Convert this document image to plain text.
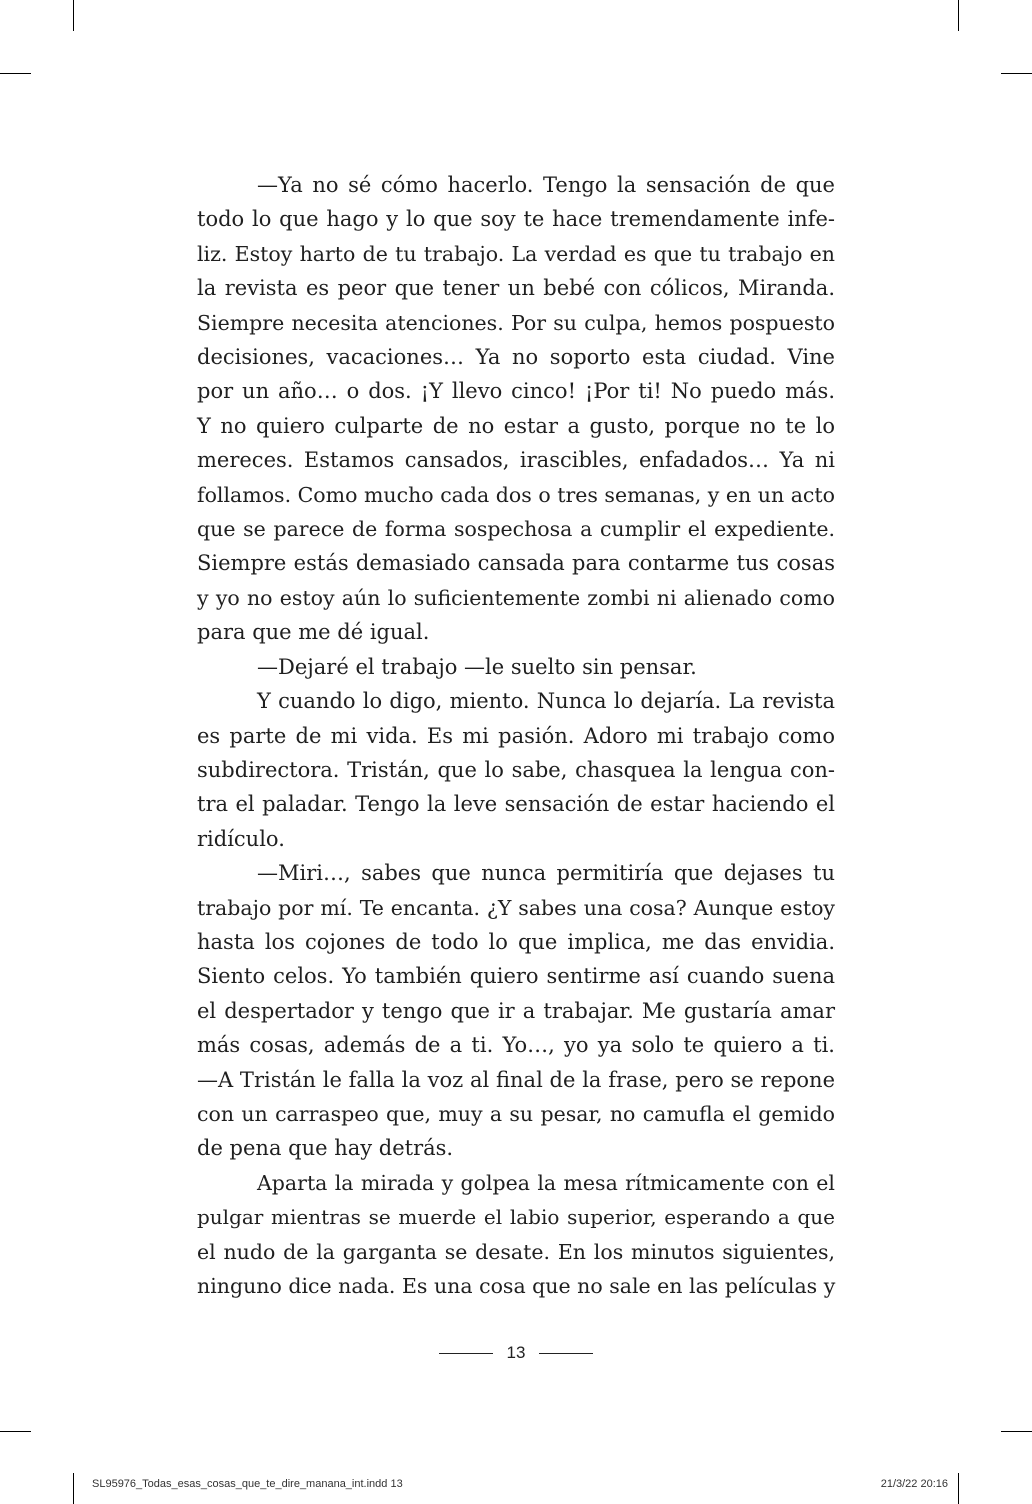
—Ya no sé cómo hacerlo. Tengo la sensación de que
todo lo que hago y lo que soy te hace tremendamente infe-
liz. Estoy harto de tu trabajo. La verdad es que tu trabajo en
la revista es peor que tener un bebé con cólicos, Miranda.
Siempre necesita atenciones. Por su culpa, hemos pospuesto
decisiones, vacaciones… Ya no soporto esta ciudad. Vine
por un año… o dos. ¡Y llevo cinco! ¡Por ti! No puedo más.
Y no quiero culparte de no estar a gusto, porque no te lo
mereces. Estamos cansados, irascibles, enfadados… Ya ni
follamos. Como mucho cada dos o tres semanas, y en un acto
que se parece de forma sospechosa a cumplir el expediente.
Siempre estás demasiado cansada para contarme tus cosas
y yo no estoy aún lo suficientemente zombi ni alienado como
para que me dé igual.

—Dejaré el trabajo —le suelto sin pensar.

Y cuando lo digo, miento. Nunca lo dejaría. La revista
es parte de mi vida. Es mi pasión. Adoro mi trabajo como
subdirectora. Tristán, que lo sabe, chasquea la lengua con-
tra el paladar. Tengo la leve sensación de estar haciendo el
ridículo.

—Miri…, sabes que nunca permitiría que dejases tu
trabajo por mí. Te encanta. ¿Y sabes una cosa? Aunque estoy
hasta los cojones de todo lo que implica, me das envidia.
Siento celos. Yo también quiero sentirme así cuando suena
el despertador y tengo que ir a trabajar. Me gustaría amar
más cosas, además de a ti. Yo…, yo ya solo te quiero a ti.
—A Tristán le falla la voz al final de la frase, pero se repone
con un carraspeo que, muy a su pesar, no camufla el gemido
de pena que hay detrás.

Aparta la mirada y golpea la mesa rítmicamente con el
pulgar mientras se muerde el labio superior, esperando a que
el nudo de la garganta se desate. En los minutos siguientes,
ninguno dice nada. Es una cosa que no sale en las películas y

13
SL95976_Todas_esas_cosas_que_te_dire_manana_int.indd 13	21/3/22 20:16
